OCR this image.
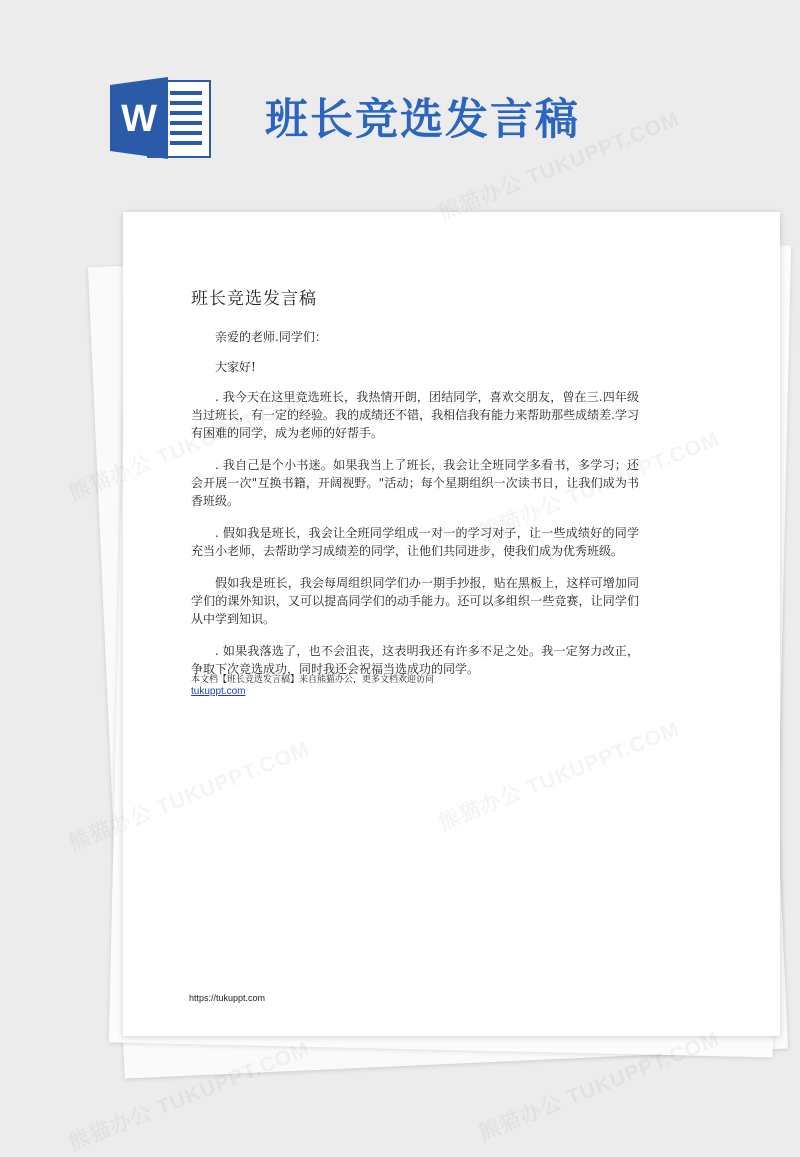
W	班长竞选发言稿
班长竞选发言稿

亲爱的老师.同学们：

大家好!

. 我今天在这里竞选班长，我热情开朗，团结同学，喜欢交朋友，曾在三.四年级当过班长，有一定的经验。我的成绩还不错，我相信我有能力来帮助那些成绩差.学习有困难的同学，成为老师的好帮手。

. 我自己是个小书迷。如果我当上了班长，我会让全班同学多看书，多学习；还会开展一次"互换书籍，开阔视野。"活动；每个星期组织一次读书日，让我们成为书香班级。

. 假如我是班长，我会让全班同学组成一对一的学习对子，让一些成绩好的同学充当小老师，去帮助学习成绩差的同学，让他们共同进步，使我们成为优秀班级。

假如我是班长，我会每周组织同学们办一期手抄报，贴在黑板上，这样可增加同学们的课外知识，又可以提高同学们的动手能力。还可以多组织一些竞赛，让同学们从中学到知识。

. 如果我落选了，也不会沮丧，这表明我还有许多不足之处。我一定努力改正，争取下次竞选成功，同时我还会祝福当选成功的同学。

本文档【班长竞选发言稿】来自熊猫办公，更多文档欢迎访问
tukuppt.com
https://tukuppt.com
